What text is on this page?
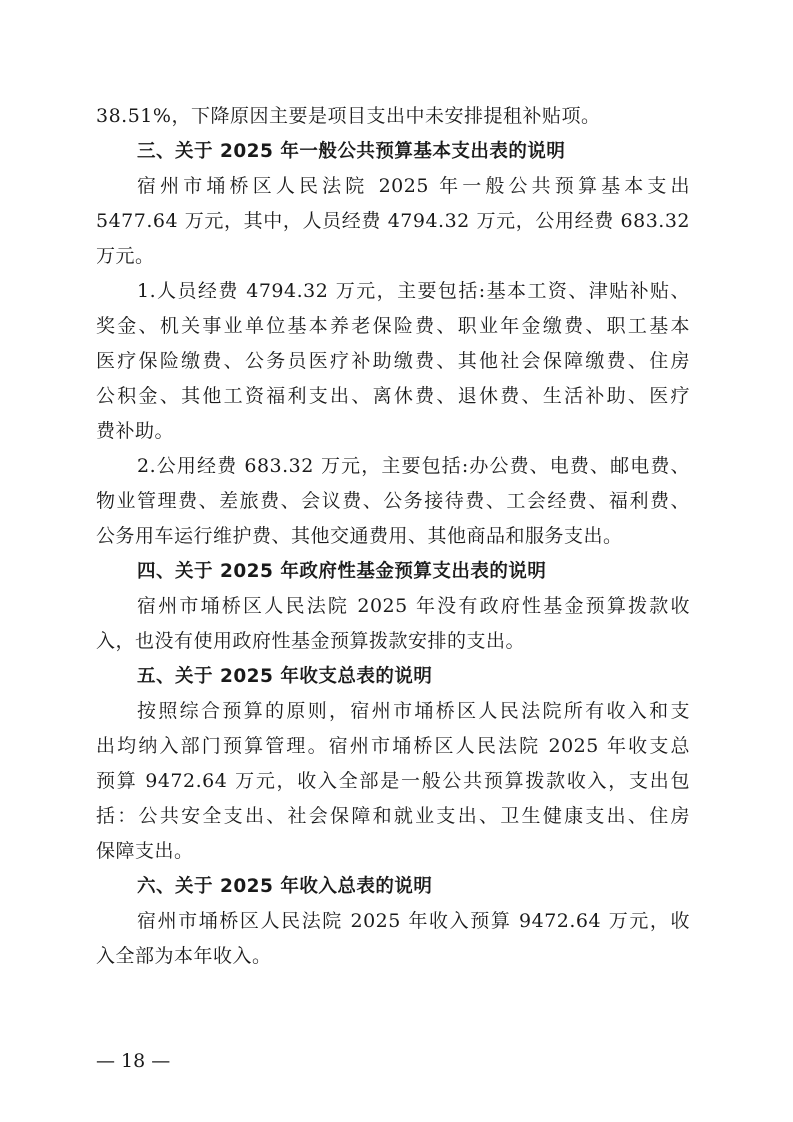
38.51%，下降原因主要是项目支出中未安排提租补贴项。
三、关于 2025 年一般公共预算基本支出表的说明
宿州市埇桥区人民法院 2025 年一般公共预算基本支出
5477.64 万元，其中，人员经费 4794.32 万元，公用经费 683.32
万元。
1.人员经费 4794.32 万元，主要包括:基本工资、津贴补贴、
奖金、机关事业单位基本养老保险费、职业年金缴费、职工基本
医疗保险缴费、公务员医疗补助缴费、其他社会保障缴费、住房
公积金、其他工资福利支出、离休费、退休费、生活补助、医疗
费补助。
2.公用经费 683.32 万元，主要包括:办公费、电费、邮电费、
物业管理费、差旅费、会议费、公务接待费、工会经费、福利费、
公务用车运行维护费、其他交通费用、其他商品和服务支出。
四、关于 2025 年政府性基金预算支出表的说明
宿州市埇桥区人民法院 2025 年没有政府性基金预算拨款收
入，也没有使用政府性基金预算拨款安排的支出。
五、关于 2025 年收支总表的说明
按照综合预算的原则，宿州市埇桥区人民法院所有收入和支
出均纳入部门预算管理。宿州市埇桥区人民法院 2025 年收支总
预算 9472.64 万元，收入全部是一般公共预算拨款收入，支出包
括：公共安全支出、社会保障和就业支出、卫生健康支出、住房
保障支出。
六、关于 2025 年收入总表的说明
宿州市埇桥区人民法院 2025 年收入预算 9472.64 万元，收
入全部为本年收入。
— 18 —
